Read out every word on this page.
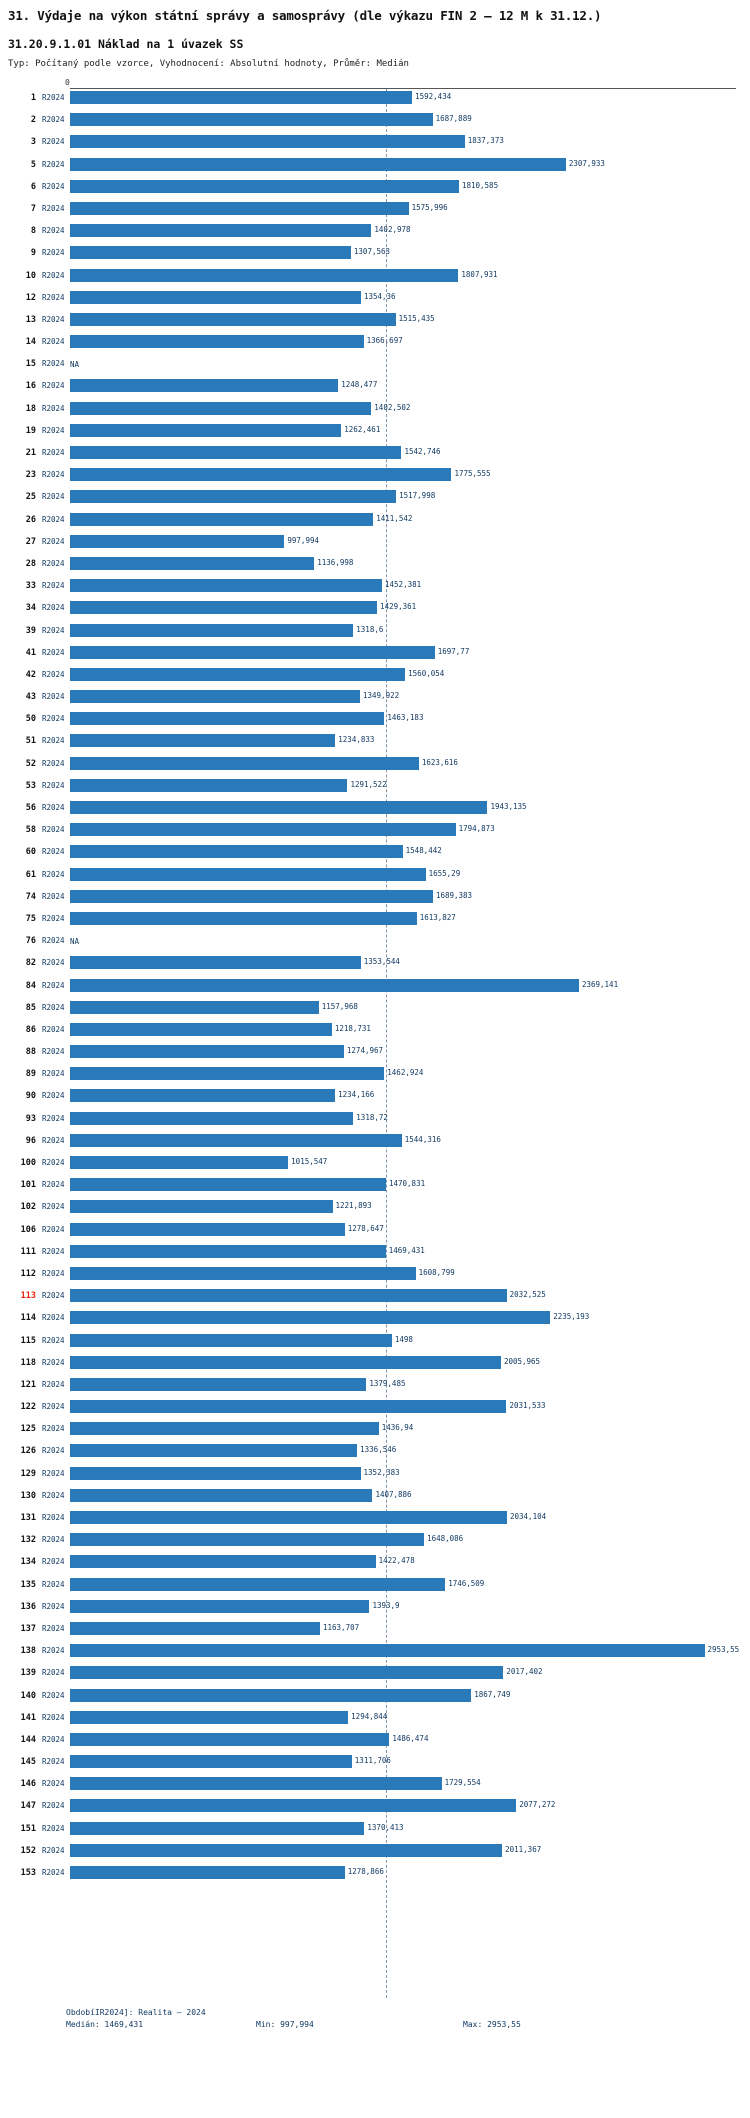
31. Výdaje na výkon státní správy a samosprávy (dle výkazu FIN 2 – 12 M k 31.12.)
31.20.9.1.01 Náklad na 1 úvazek SS
Typ: Počítaný podle vzorce, Vyhodnocení: Absolutní hodnoty, Průměr: Medián
0
1 R2024	1592,434
2 R2024	1687,889
3 R2024	1837,373
5 R2024	2307,933
6 R2024	1810,585
7 R2024	1575,996
8 R2024	1402,978
9 R2024	1307,563
10 R2024	1807,931
12 R2024	1354,36
13 R2024	1515,435
14 R2024	1366,697
15 R2024 NA
16 R2024	1248,477
18 R2024	1402,502
19 R2024	1262,461
21 R2024	1542,746
23 R2024	1775,555
25 R2024	1517,998
26 R2024	1411,542
27 R2024	997,994
28 R2024	1136,998
33 R2024	1452,381
34 R2024	1429,361
39 R2024	1318,6
41 R2024	1697,77
42 R2024	1560,054
43 R2024	1349,922
50 R2024	1463,183
51 R2024	1234,833
52 R2024	1623,616
53 R2024	1291,522
56 R2024	1943,135
58 R2024	1794,873
60 R2024	1548,442
61 R2024	1655,29
74 R2024	1689,383
75 R2024	1613,827
76 R2024 NA
82 R2024	1353,544
84 R2024	2369,141
85 R2024	1157,968
86 R2024	1218,731
88 R2024	1274,967
89 R2024	1462,924
90 R2024	1234,166
93 R2024	1318,72
96 R2024	1544,316
100 R2024	1015,547
101 R2024	1470,831
102 R2024	1221,893
106 R2024	1278,647
111 R2024	1469,431
112 R2024	1608,799
113 R2024	2032,525
114 R2024	2235,193
115 R2024	1498
118 R2024	2005,965
121 R2024	1379,485
122 R2024	2031,533
125 R2024	1436,94
126 R2024	1336,546
129 R2024	1352,383
130 R2024	1407,886
131 R2024	2034,104
132 R2024	1648,086
134 R2024	1422,478
135 R2024	1746,509
136 R2024	1393,9
137 R2024	1163,707
138 R2024	2953,55
139 R2024	2017,402
140 R2024	1867,749
141 R2024	1294,844
144 R2024	1486,474
145 R2024	1311,706
146 R2024	1729,554
147 R2024	2077,272
151 R2024	1370,413
152 R2024	2011,367
153 R2024	1278,866
ObdobíIR2024]: Realita – 2024
Medián: 1469,431	Min: 997,994	Max: 2953,55
